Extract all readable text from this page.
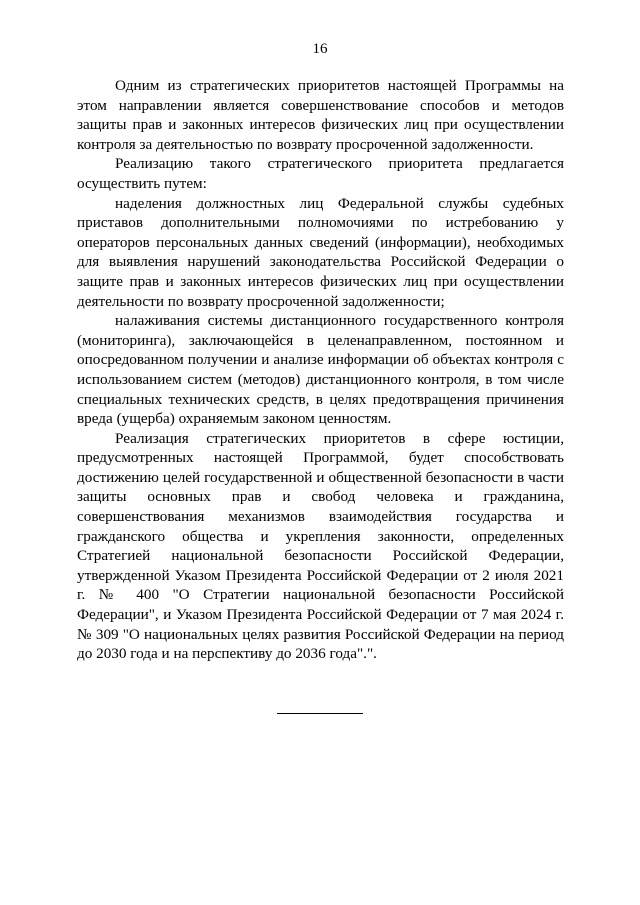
16

Одним из стратегических приоритетов настоящей Программы на этом направлении является совершенствование способов и методов защиты прав и законных интересов физических лиц при осуществлении контроля за деятельностью по возврату просроченной задолженности.

Реализацию такого стратегического приоритета предлагается осуществить путем:

наделения должностных лиц Федеральной службы судебных приставов дополнительными полномочиями по истребованию у операторов персональных данных сведений (информации), необходимых для выявления нарушений законодательства Российской Федерации о защите прав и законных интересов физических лиц при осуществлении деятельности по возврату просроченной задолженности;

налаживания системы дистанционного государственного контроля (мониторинга), заключающейся в целенаправленном, постоянном и опосредованном получении и анализе информации об объектах контроля с использованием систем (методов) дистанционного контроля, в том числе специальных технических средств, в целях предотвращения причинения вреда (ущерба) охраняемым законом ценностям.

Реализация стратегических приоритетов в сфере юстиции, предусмотренных настоящей Программой, будет способствовать достижению целей государственной и общественной безопасности в части защиты основных прав и свобод человека и гражданина, совершенствования механизмов взаимодействия государства и гражданского общества и укрепления законности, определенных Стратегией национальной безопасности Российской Федерации, утвержденной Указом Президента Российской Федерации от 2 июля 2021 г. № 400 "О Стратегии национальной безопасности Российской Федерации", и Указом Президента Российской Федерации от 7 мая 2024 г. № 309 "О национальных целях развития Российской Федерации на период до 2030 года и на перспективу до 2036 года".".
